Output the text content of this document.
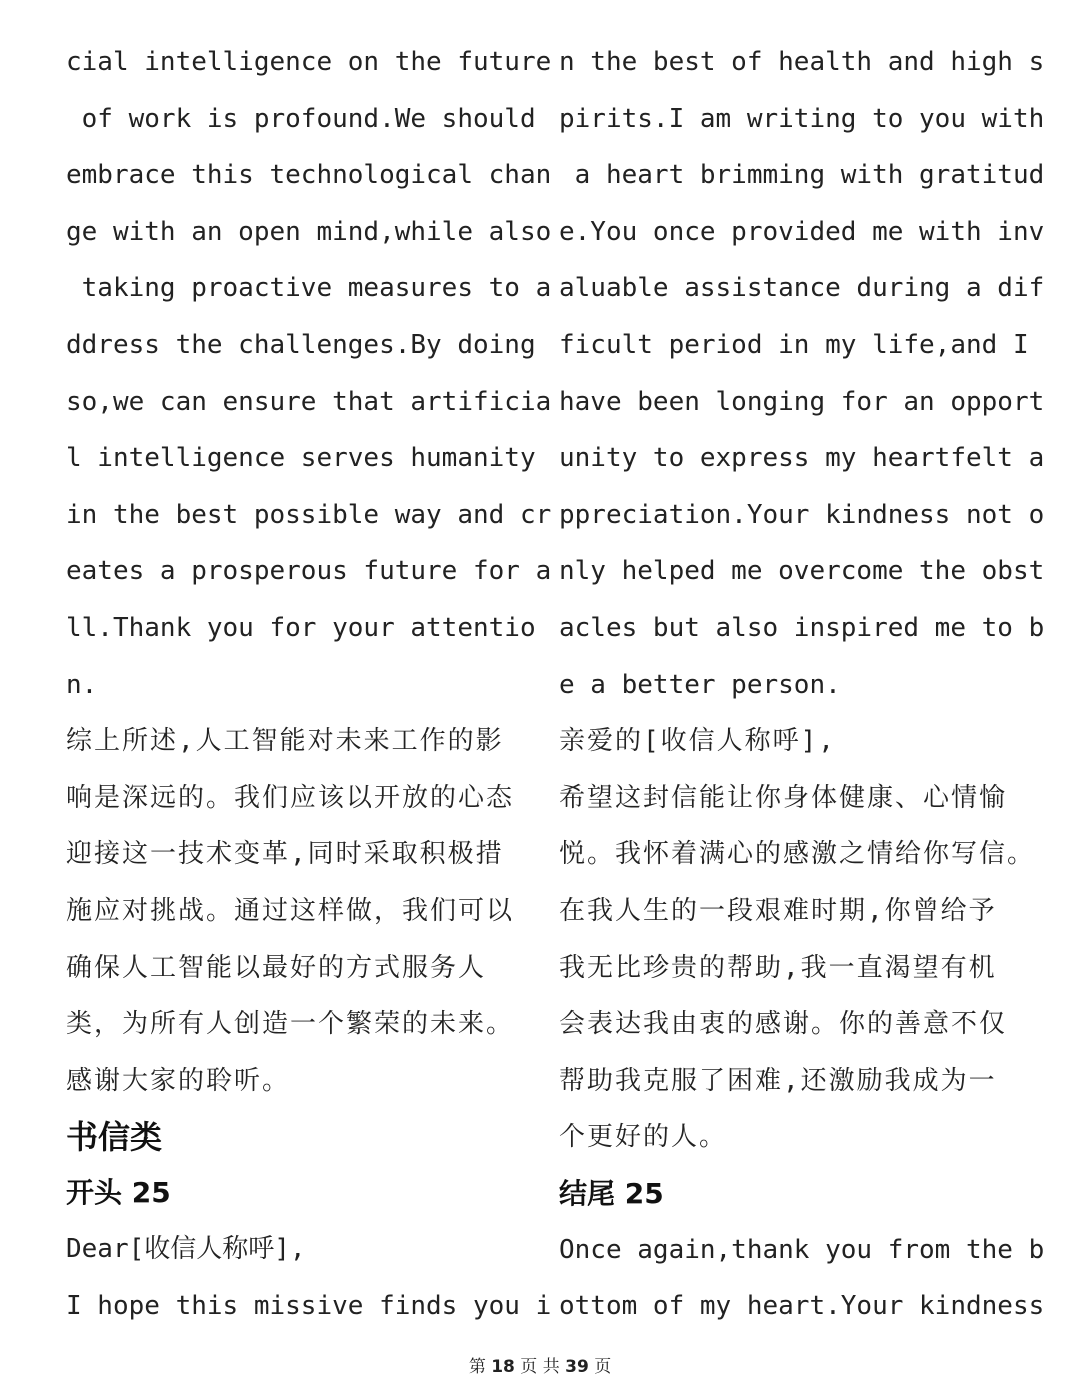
cial intelligence on the future
of work is profound.We should
embrace this technological chan
ge with an open mind,while also
taking proactive measures to a
ddress the challenges.By doing
so,we can ensure that artificia
l intelligence serves humanity
in the best possible way and cr
eates a prosperous future for a
ll.Thank you for your attentio
n.
综上所述,人工智能对未来工作的影
响是深远的。我们应该以开放的心态
迎接这一技术变革,同时采取积极措
施应对挑战。通过这样做，我们可以
确保人工智能以最好的方式服务人
类，为所有人创造一个繁荣的未来。
感谢大家的聆听。
书信类
开头 25
Dear[收信人称呼],
I hope this missive finds you i
n the best of health and high s
pirits.I am writing to you with
a heart brimming with gratitud
e.You once provided me with inv
aluable assistance during a dif
ficult period in my life,and I
have been longing for an opport
unity to express my heartfelt a
ppreciation.Your kindness not o
nly helped me overcome the obst
acles but also inspired me to b
e a better person.
亲爱的[收信人称呼],
希望这封信能让你身体健康、心情愉
悦。我怀着满心的感激之情给你写信。
在我人生的一段艰难时期,你曾给予
我无比珍贵的帮助,我一直渴望有机
会表达我由衷的感谢。你的善意不仅
帮助我克服了困难,还激励我成为一
个更好的人。
结尾 25
Once again,thank you from the b
ottom of my heart.Your kindness
第 18 页 共 39 页
